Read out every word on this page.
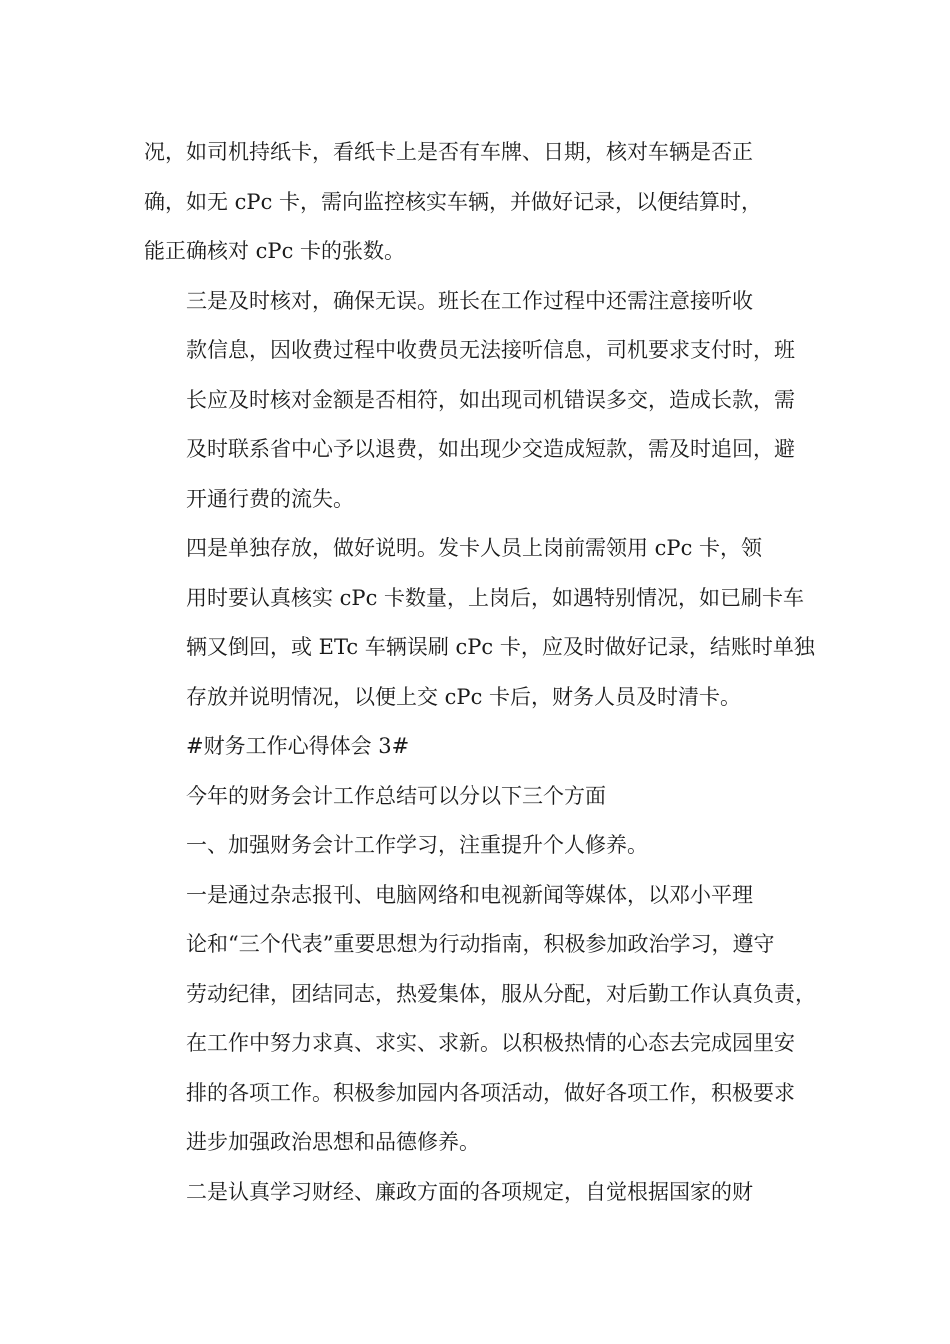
况，如司机持纸卡，看纸卡上是否有车牌、日期，核对车辆是否正
确，如无 cPc 卡，需向监控核实车辆，并做好记录，以便结算时，
能正确核对 cPc 卡的张数。

三是及时核对，确保无误。班长在工作过程中还需注意接听收
款信息，因收费过程中收费员无法接听信息，司机要求支付时，班
长应及时核对金额是否相符，如出现司机错误多交，造成长款，需
及时联系省中心予以退费，如出现少交造成短款，需及时追回，避
开通行费的流失。

四是单独存放，做好说明。发卡人员上岗前需领用 cPc 卡，领
用时要认真核实 cPc 卡数量，上岗后，如遇特别情况，如已刷卡车
辆又倒回，或 ETc 车辆误刷 cPc 卡，应及时做好记录，结账时单独
存放并说明情况，以便上交 cPc 卡后，财务人员及时清卡。

#财务工作心得体会 3#

今年的财务会计工作总结可以分以下三个方面

一、加强财务会计工作学习，注重提升个人修养。

一是通过杂志报刊、电脑网络和电视新闻等媒体，以邓小平理
论和“三个代表”重要思想为行动指南，积极参加政治学习，遵守
劳动纪律，团结同志，热爱集体，服从分配，对后勤工作认真负责，
在工作中努力求真、求实、求新。以积极热情的心态去完成园里安
排的各项工作。积极参加园内各项活动，做好各项工作，积极要求
进步加强政治思想和品德修养。

二是认真学习财经、廉政方面的各项规定，自觉根据国家的财
